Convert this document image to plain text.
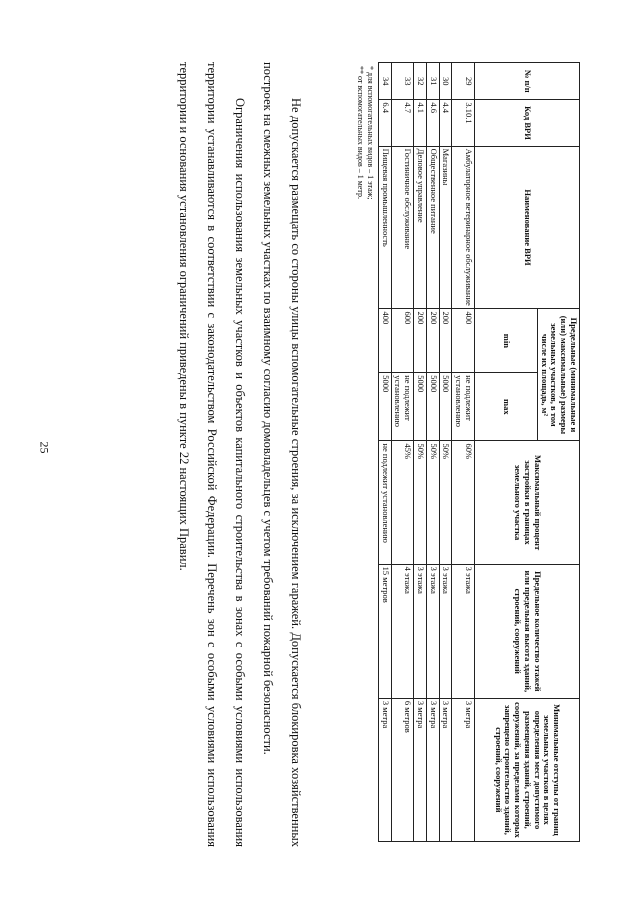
25
№ п/п	Код ВРИ	Наименование ВРИ	Предельные (минимальные и (или) максимальные) размеры земельных участков, в том числе их площадь, м²		Максимальный процент застройки в границах земельного участка	Предельное количество этажей или предельная высота зданий, строений, сооружений	Минимальные отступы от границ земельных участков в целях определения мест допустимого размещения зданий, строений, сооружений, за пределами которых запрещено строительство зданий, строений, сооружений
			min	max			
29	3.10.1	Амбулаторное ветеринарное обслуживание	400	не подлежит установлению	60%	3 этажа	3 метра
30	4.4	Магазины	200	5000	50%	3 этажа	3 метра
31	4.6	Общественное питание	200	5000	50%	3 этажа	3 метра
32	4.1	Деловое управление	200	5000	50%	3 этажа	3 метра
33	4.7	Гостиничное обслуживание	600	не подлежит установлению	45%	4 этажа	6 метров
34	6.4	Пищевая промышленность	400	5000	не подлежит установлению	15 метров	3 метра
* для вспомогательных видов – 1 этаж;
** от вспомогательных видов – 1 метр.

Не допускается размещать со стороны улицы вспомогательные строения, за исключением гаражей. Допускается блокировка хозяйственных построек на смежных земельных участках по взаимному согласию домовладельцев с учетом требований пожарной безопасности.

Ограничения использования земельных участков и объектов капитального строительства в зонах с особыми условиями использования территории устанавливаются в соответствии с законодательством Российской Федерации. Перечень зон с особыми условиями использования территории и основания установления ограничений приведены в пункте 22 настоящих Правил.
